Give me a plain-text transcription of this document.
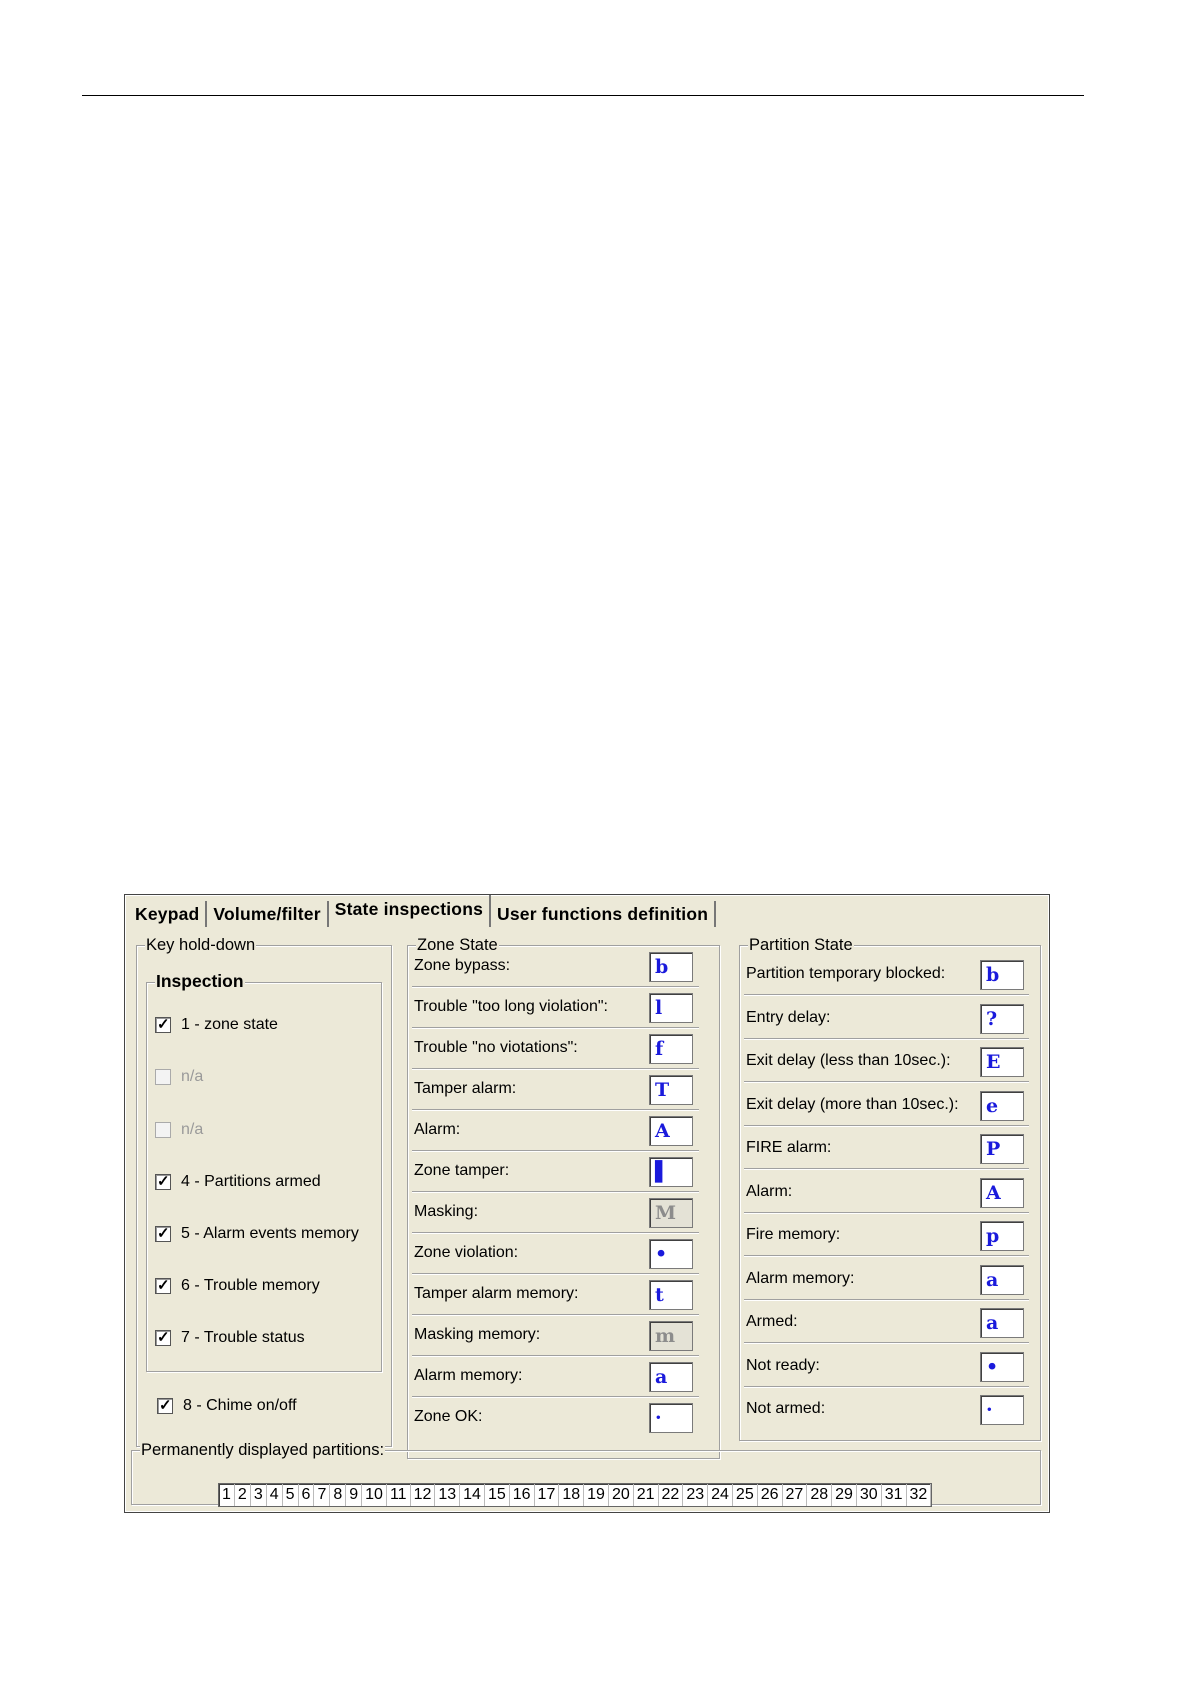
Keypad Volume/filter State inspections User functions definition
Key hold-down
Inspection
✓
1 - zone state
n/a
n/a
✓
4 - Partitions armed
✓
5 - Alarm events memory
✓
6 - Trouble memory
✓
7 - Trouble status
✓
8 - Chime on/off
Zone State
Zone bypass:	b
Trouble "too long violation":	l
Trouble "no viotations":	f
Tamper alarm:	T
Alarm:	A
Zone tamper:	▌
Masking:	M
Zone violation:	•
Tamper alarm memory:	t
Masking memory:	m
Alarm memory:	a
Zone OK:	·
Partition State
Partition temporary blocked:	b
Entry delay:	?
Exit delay (less than 10sec.):	E
Exit delay (more than 10sec.):	e
FIRE alarm:	P
Alarm:	A
Fire memory:	p
Alarm memory:	a
Armed:	a
Not ready:	•
Not armed:	·
Permanently displayed partitions:
1 2 3 4 5 6 7 8 9 10 11 12 13 14 15 16 17 18 19 20 21 22 23 24 25 26 27 28 29 30 31 32
